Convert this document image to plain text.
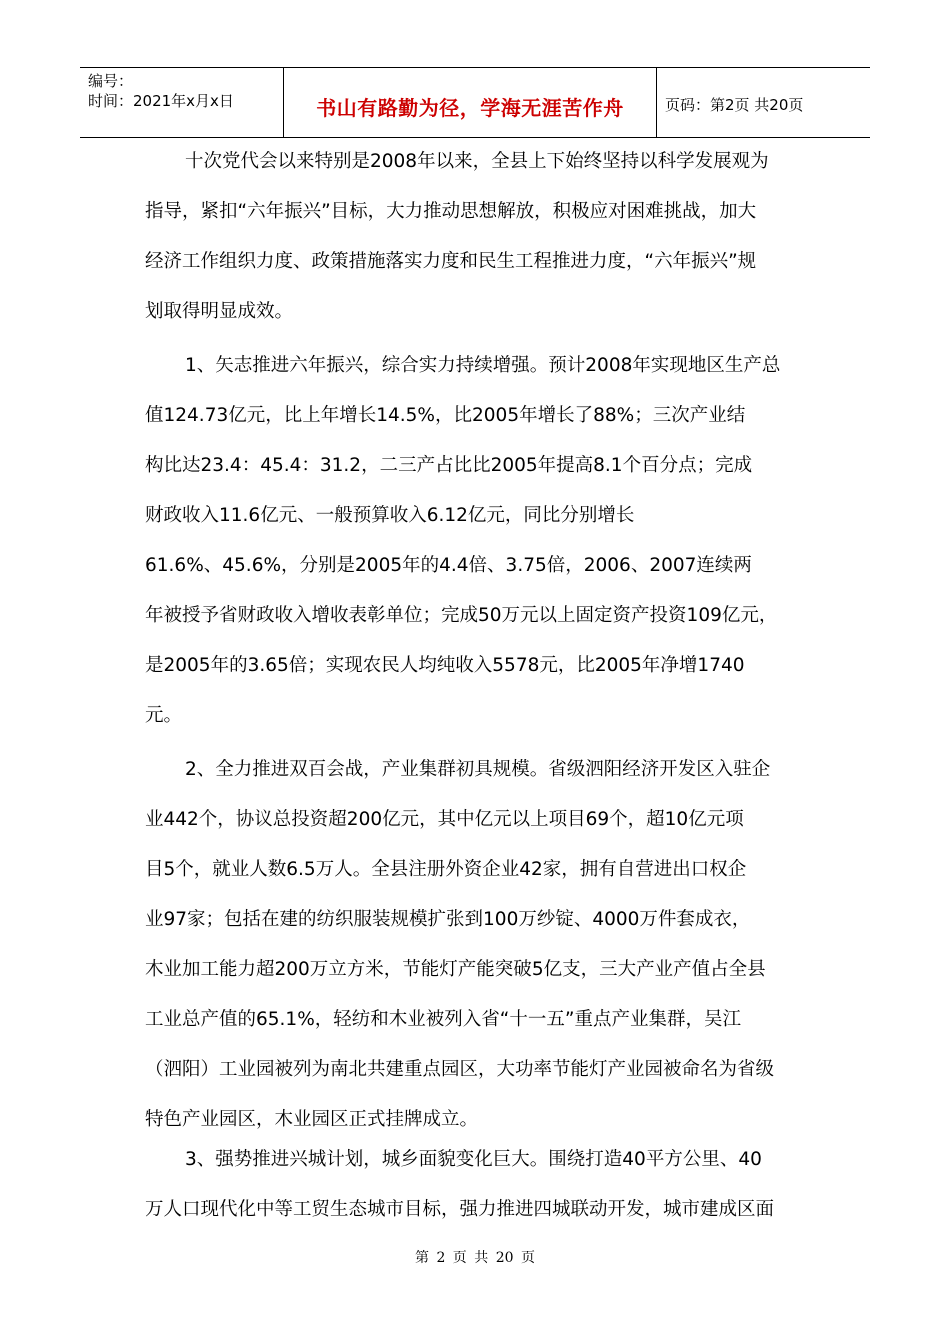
编号：
时间：2021年x月x日	书山有路勤为径，学海无涯苦作舟	页码：第2页 共20页
十次党代会以来特别是2008年以来，全县上下始终坚持以科学发展观为
指导，紧扣“六年振兴”目标，大力推动思想解放，积极应对困难挑战，加大
经济工作组织力度、政策措施落实力度和民生工程推进力度，“六年振兴”规
划取得明显成效。
1、矢志推进六年振兴，综合实力持续增强。预计2008年实现地区生产总
值124.73亿元，比上年增长14.5%，比2005年增长了88%；三次产业结
构比达23.4：45.4：31.2，二三产占比比2005年提高8.1个百分点；完成
财政收入11.6亿元、一般预算收入6.12亿元，同比分别增长
61.6%、45.6%，分别是2005年的4.4倍、3.75倍，2006、2007连续两
年被授予省财政收入增收表彰单位；完成50万元以上固定资产投资109亿元，
是2005年的3.65倍；实现农民人均纯收入5578元，比2005年净增1740
元。
2、全力推进双百会战，产业集群初具规模。省级泗阳经济开发区入驻企
业442个，协议总投资超200亿元，其中亿元以上项目69个，超10亿元项
目5个，就业人数6.5万人。全县注册外资企业42家，拥有自营进出口权企
业97家；包括在建的纺织服装规模扩张到100万纱锭、4000万件套成衣，
木业加工能力超200万立方米，节能灯产能突破5亿支，三大产业产值占全县
工业总产值的65.1%，轻纺和木业被列入省“十一五”重点产业集群，吴江
（泗阳）工业园被列为南北共建重点园区，大功率节能灯产业园被命名为省级
特色产业园区，木业园区正式挂牌成立。
3、强势推进兴城计划，城乡面貌变化巨大。围绕打造40平方公里、40
万人口现代化中等工贸生态城市目标，强力推进四城联动开发，城市建成区面
第 2 页 共 20 页
